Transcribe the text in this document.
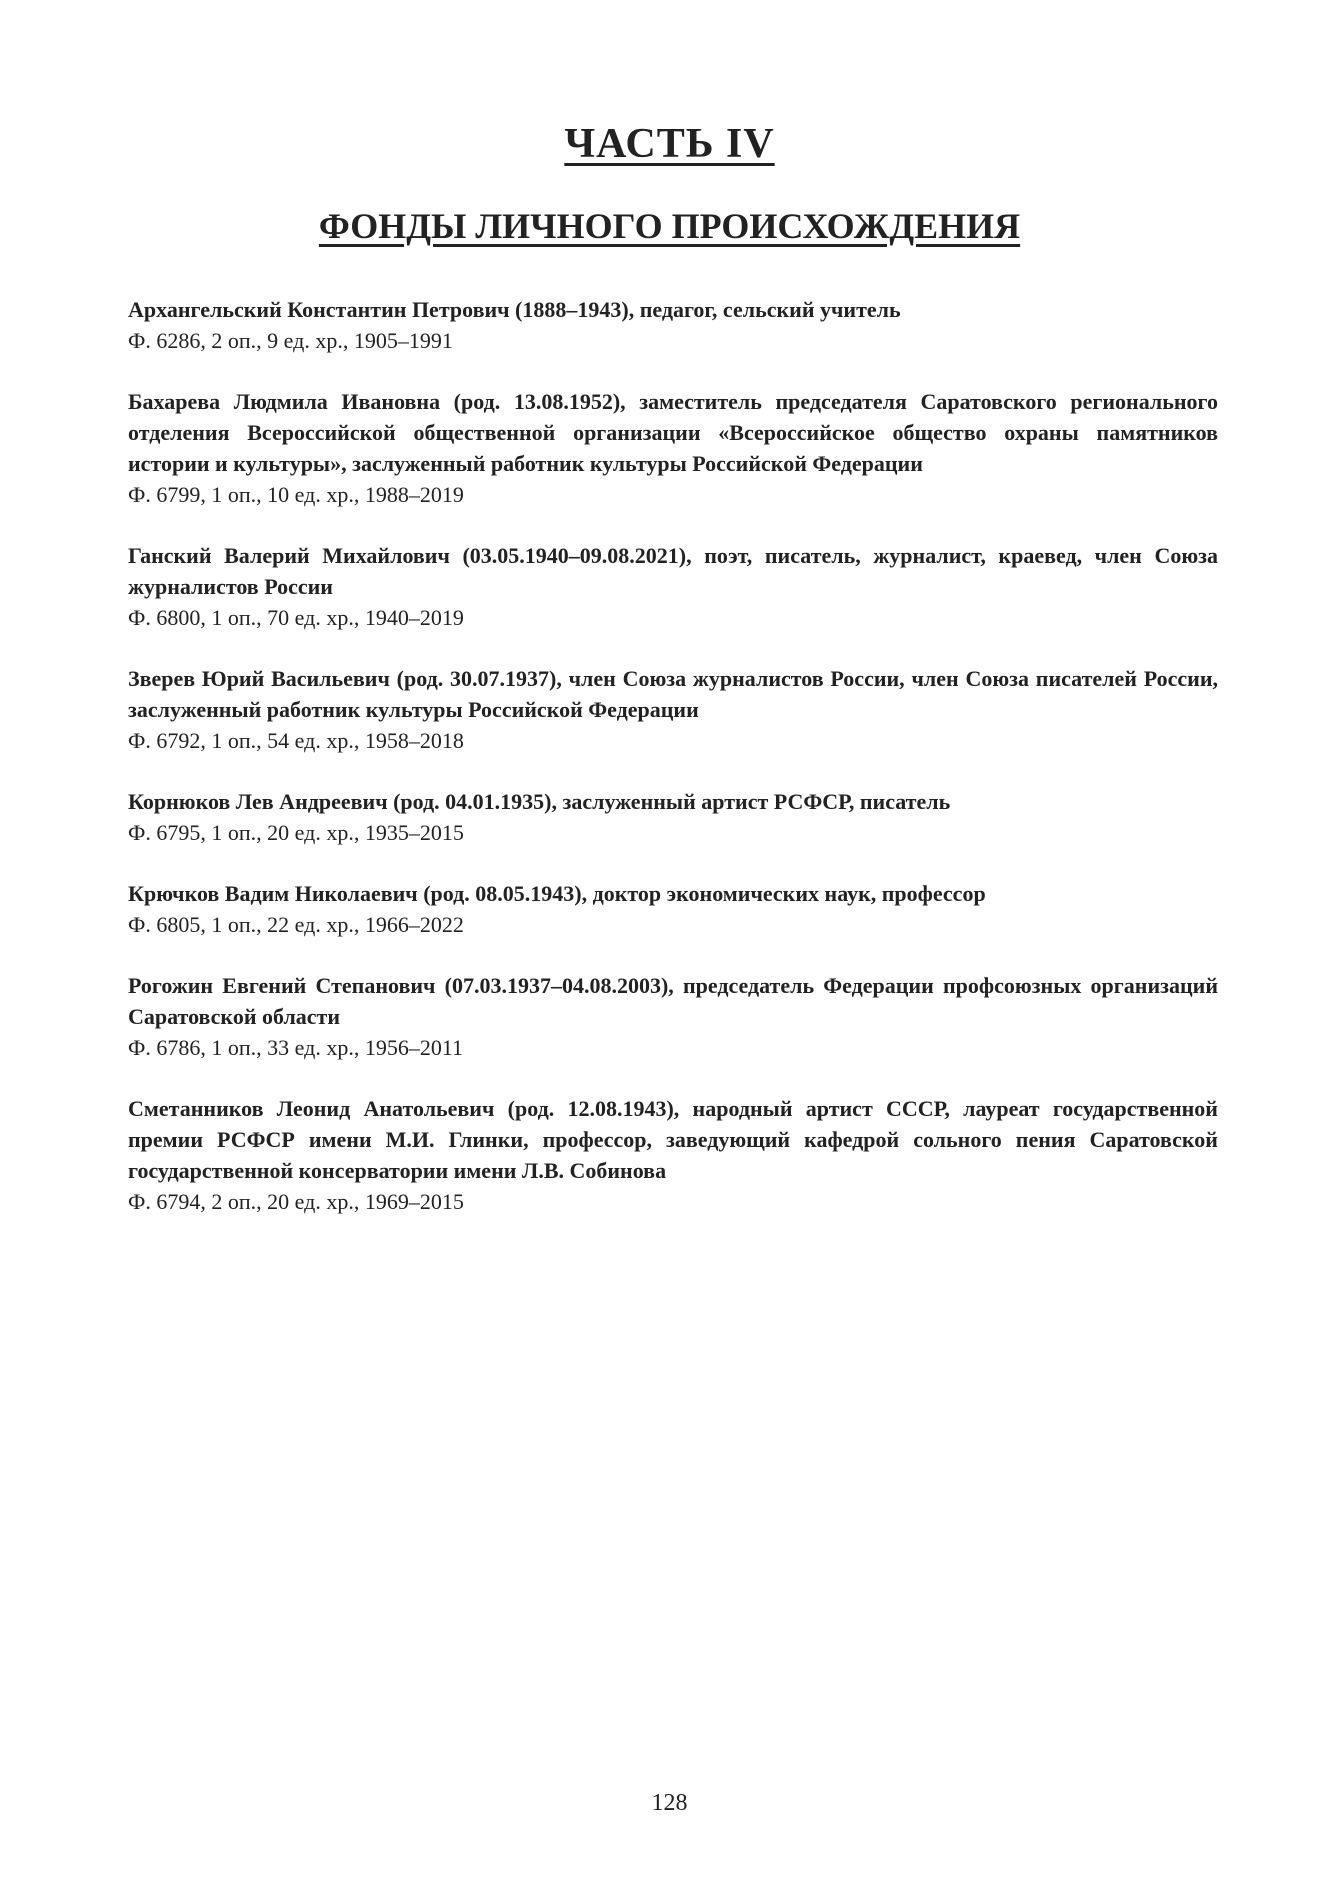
ЧАСТЬ IV
ФОНДЫ ЛИЧНОГО ПРОИСХОЖДЕНИЯ

Архангельский Константин Петрович (1888–1943), педагог, сельский учитель

Ф. 6286, 2 оп., 9 ед. хр., 1905–1991

Бахарева Людмила Ивановна (род. 13.08.1952), заместитель председателя Саратовского регионального отделения Всероссийской общественной организации «Всероссийское общество охраны памятников истории и культуры», заслуженный работник культуры Российской Федерации

Ф. 6799, 1 оп., 10 ед. хр., 1988–2019

Ганский Валерий Михайлович (03.05.1940–09.08.2021), поэт, писатель, журналист, краевед, член Союза журналистов России

Ф. 6800, 1 оп., 70 ед. хр., 1940–2019

Зверев Юрий Васильевич (род. 30.07.1937), член Союза журналистов России, член Союза писателей России, заслуженный работник культуры Российской Федерации

Ф. 6792, 1 оп., 54 ед. хр., 1958–2018

Корнюков Лев Андреевич (род. 04.01.1935), заслуженный артист РСФСР, писатель

Ф. 6795, 1 оп., 20 ед. хр., 1935–2015

Крючков Вадим Николаевич (род. 08.05.1943), доктор экономических наук, профессор

Ф. 6805, 1 оп., 22 ед. хр., 1966–2022

Рогожин Евгений Степанович (07.03.1937–04.08.2003), председатель Федерации профсоюзных организаций Саратовской области

Ф. 6786, 1 оп., 33 ед. хр., 1956–2011

Сметанников Леонид Анатольевич (род. 12.08.1943), народный артист СССР, лауреат государственной премии РСФСР имени М.И. Глинки, профессор, заведующий кафедрой сольного пения Саратовской государственной консерватории имени Л.В. Собинова

Ф. 6794, 2 оп., 20 ед. хр., 1969–2015

128
